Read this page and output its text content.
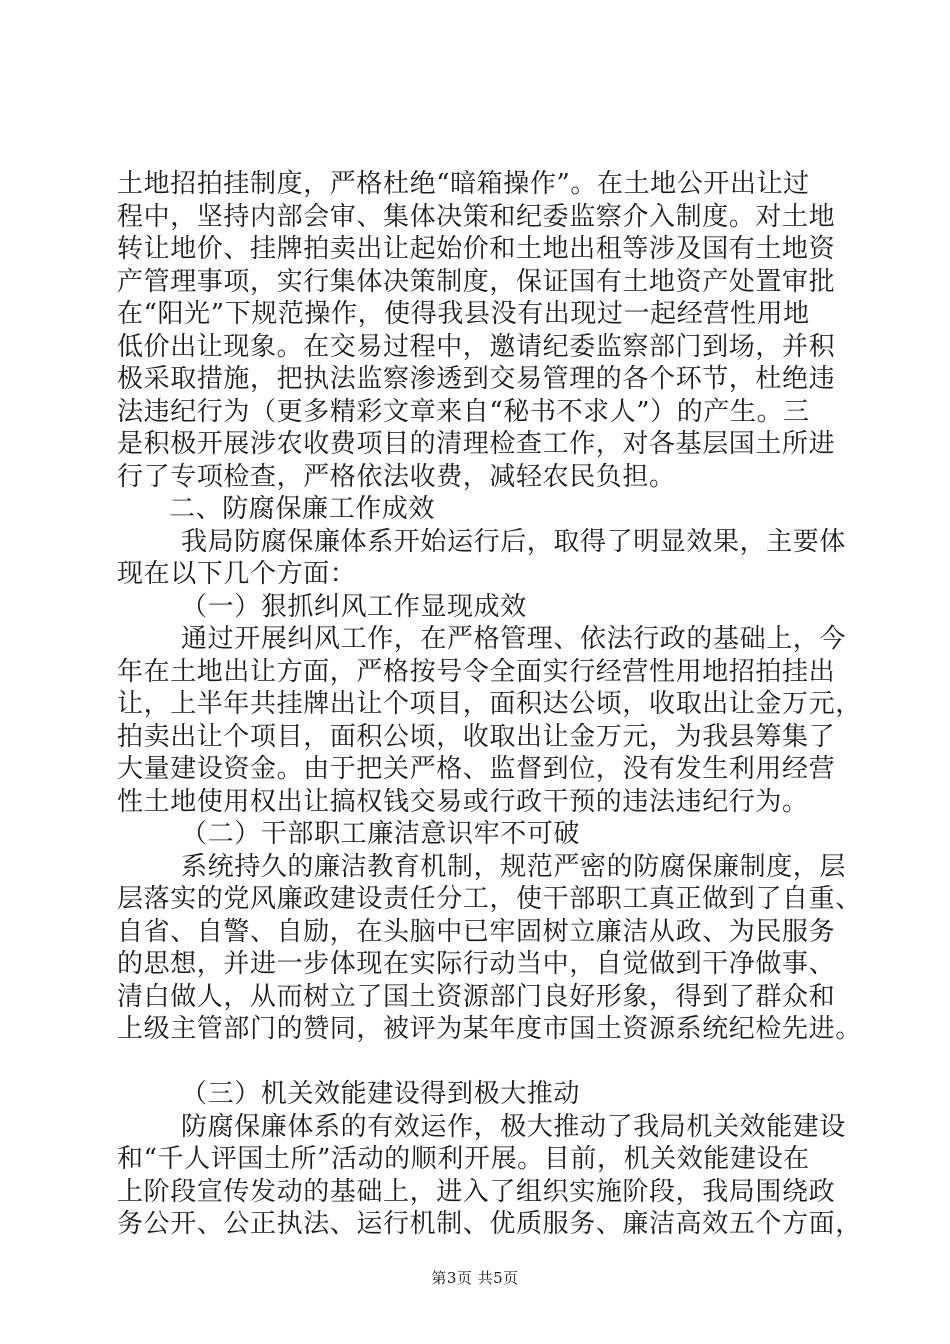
土地招拍挂制度，严格杜绝“暗箱操作”。在土地公开出让过
程中，坚持内部会审、集体决策和纪委监察介入制度。对土地
转让地价、挂牌拍卖出让起始价和土地出租等涉及国有土地资
产管理事项，实行集体决策制度，保证国有土地资产处置审批
在“阳光”下规范操作，使得我县没有出现过一起经营性用地
低价出让现象。在交易过程中，邀请纪委监察部门到场，并积
极采取措施，把执法监察渗透到交易管理的各个环节，杜绝违
法违纪行为（更多精彩文章来自“秘书不求人”）的产生。三
是积极开展涉农收费项目的清理检查工作，对各基层国土所进
行了专项检查，严格依法收费，减轻农民负担。
二、防腐保廉工作成效
我局防腐保廉体系开始运行后，取得了明显效果，主要体
现在以下几个方面：
（一）狠抓纠风工作显现成效
通过开展纠风工作，在严格管理、依法行政的基础上，今
年在土地出让方面，严格按号令全面实行经营性用地招拍挂出
让，上半年共挂牌出让个项目，面积达公顷，收取出让金万元，
拍卖出让个项目，面积公顷，收取出让金万元，为我县筹集了
大量建设资金。由于把关严格、监督到位，没有发生利用经营
性土地使用权出让搞权钱交易或行政干预的违法违纪行为。
（二）干部职工廉洁意识牢不可破
系统持久的廉洁教育机制，规范严密的防腐保廉制度，层
层落实的党风廉政建设责任分工，使干部职工真正做到了自重、
自省、自警、自励，在头脑中已牢固树立廉洁从政、为民服务
的思想，并进一步体现在实际行动当中，自觉做到干净做事、
清白做人，从而树立了国土资源部门良好形象，得到了群众和
上级主管部门的赞同，被评为某年度市国土资源系统纪检先进。
（三）机关效能建设得到极大推动
防腐保廉体系的有效运作，极大推动了我局机关效能建设
和“千人评国土所”活动的顺利开展。目前，机关效能建设在
上阶段宣传发动的基础上，进入了组织实施阶段，我局围绕政
务公开、公正执法、运行机制、优质服务、廉洁高效五个方面，
第3页 共5页
